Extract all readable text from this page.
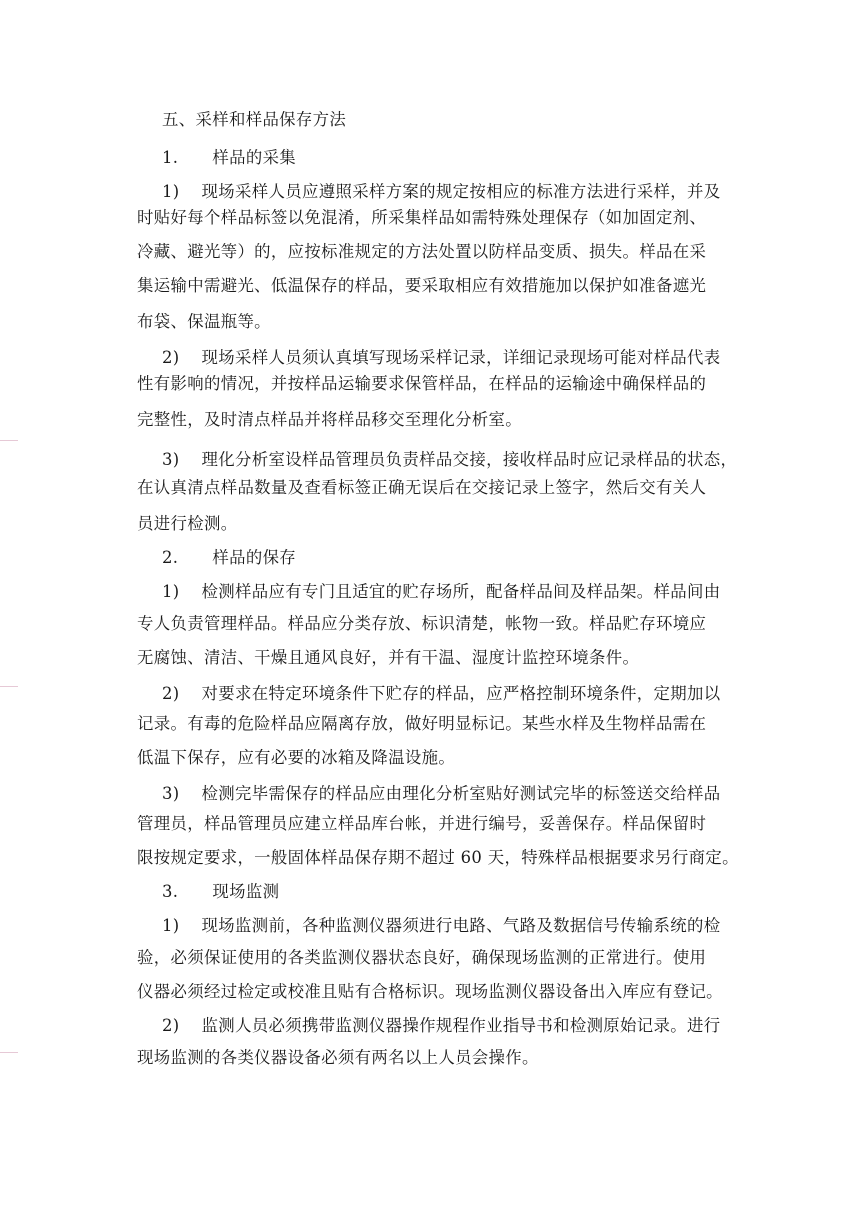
五、采样和样品保存方法
1. 样品的采集
1) 现场采样人员应遵照采样方案的规定按相应的标准方法进行采样，并及
时贴好每个样品标签以免混淆，所采集样品如需特殊处理保存（如加固定剂、
冷藏、避光等）的，应按标准规定的方法处置以防样品变质、损失。样品在采
集运输中需避光、低温保存的样品，要采取相应有效措施加以保护如准备遮光
布袋、保温瓶等。
2) 现场采样人员须认真填写现场采样记录，详细记录现场可能对样品代表
性有影响的情况，并按样品运输要求保管样品，在样品的运输途中确保样品的
完整性，及时清点样品并将样品移交至理化分析室。
3) 理化分析室设样品管理员负责样品交接，接收样品时应记录样品的状态，
在认真清点样品数量及查看标签正确无误后在交接记录上签字，然后交有关人
员进行检测。
2. 样品的保存
1) 检测样品应有专门且适宜的贮存场所，配备样品间及样品架。样品间由
专人负责管理样品。样品应分类存放、标识清楚，帐物一致。样品贮存环境应
无腐蚀、清洁、干燥且通风良好，并有干温、湿度计监控环境条件。
2) 对要求在特定环境条件下贮存的样品，应严格控制环境条件，定期加以
记录。有毒的危险样品应隔离存放，做好明显标记。某些水样及生物样品需在
低温下保存，应有必要的冰箱及降温设施。
3) 检测完毕需保存的样品应由理化分析室贴好测试完毕的标签送交给样品
管理员，样品管理员应建立样品库台帐，并进行编号，妥善保存。样品保留时
限按规定要求，一般固体样品保存期不超过 60 天，特殊样品根据要求另行商定。
3. 现场监测
1) 现场监测前，各种监测仪器须进行电路、气路及数据信号传输系统的检
验，必须保证使用的各类监测仪器状态良好，确保现场监测的正常进行。使用
仪器必须经过检定或校准且贴有合格标识。现场监测仪器设备出入库应有登记。
2) 监测人员必须携带监测仪器操作规程作业指导书和检测原始记录。进行
现场监测的各类仪器设备必须有两名以上人员会操作。
